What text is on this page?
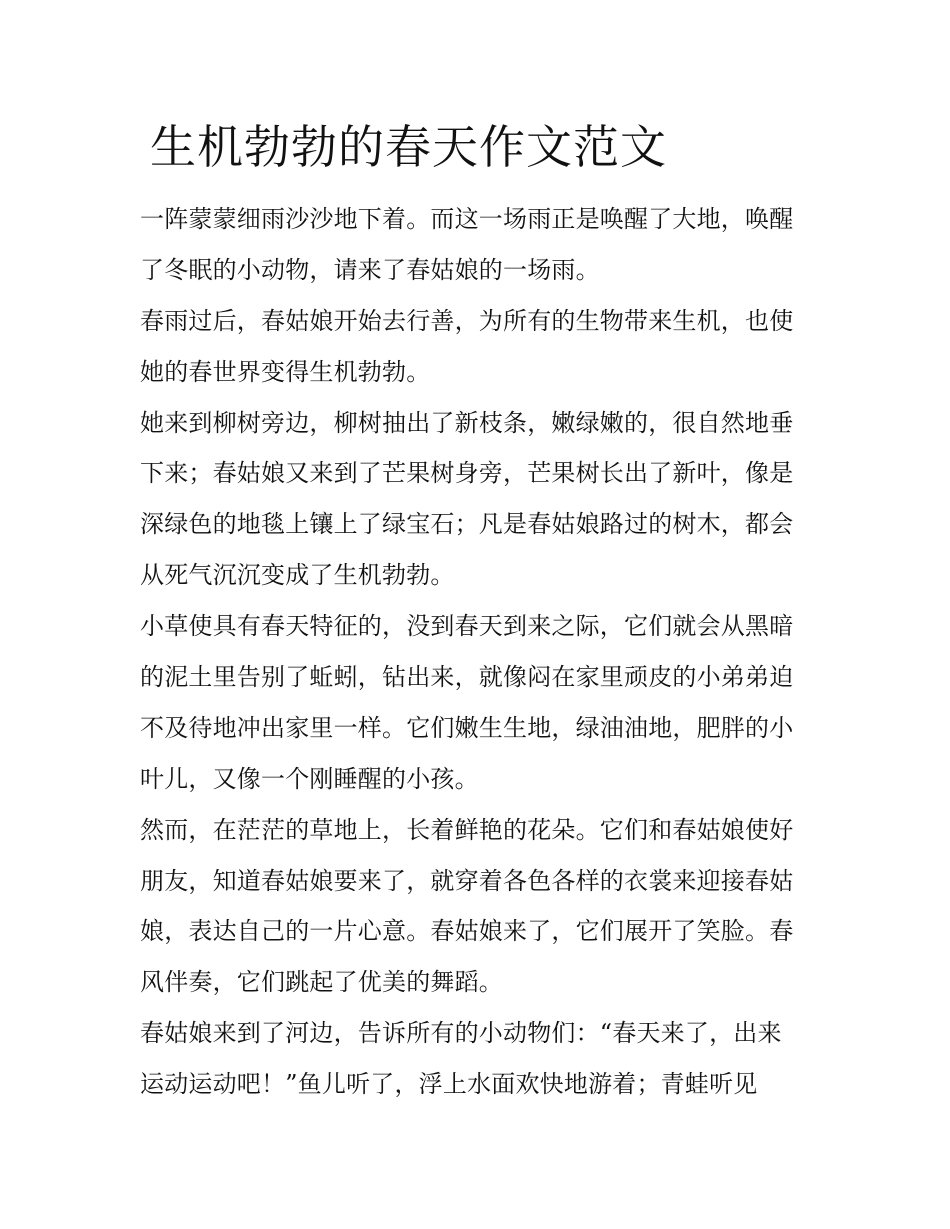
生机勃勃的春天作文范文
一阵蒙蒙细雨沙沙地下着。而这一场雨正是唤醒了大地，唤醒
了冬眠的小动物，请来了春姑娘的一场雨。
春雨过后，春姑娘开始去行善，为所有的生物带来生机，也使
她的春世界变得生机勃勃。
她来到柳树旁边，柳树抽出了新枝条，嫩绿嫩的，很自然地垂
下来；春姑娘又来到了芒果树身旁，芒果树长出了新叶，像是
深绿色的地毯上镶上了绿宝石；凡是春姑娘路过的树木，都会
从死气沉沉变成了生机勃勃。
小草使具有春天特征的，没到春天到来之际，它们就会从黑暗
的泥土里告别了蚯蚓，钻出来，就像闷在家里顽皮的小弟弟迫
不及待地冲出家里一样。它们嫩生生地，绿油油地，肥胖的小
叶儿，又像一个刚睡醒的小孩。
然而，在茫茫的草地上，长着鲜艳的花朵。它们和春姑娘使好
朋友，知道春姑娘要来了，就穿着各色各样的衣裳来迎接春姑
娘，表达自己的一片心意。春姑娘来了，它们展开了笑脸。春
风伴奏，它们跳起了优美的舞蹈。
春姑娘来到了河边，告诉所有的小动物们：“春天来了，出来
运动运动吧！”鱼儿听了，浮上水面欢快地游着；青蛙听见
